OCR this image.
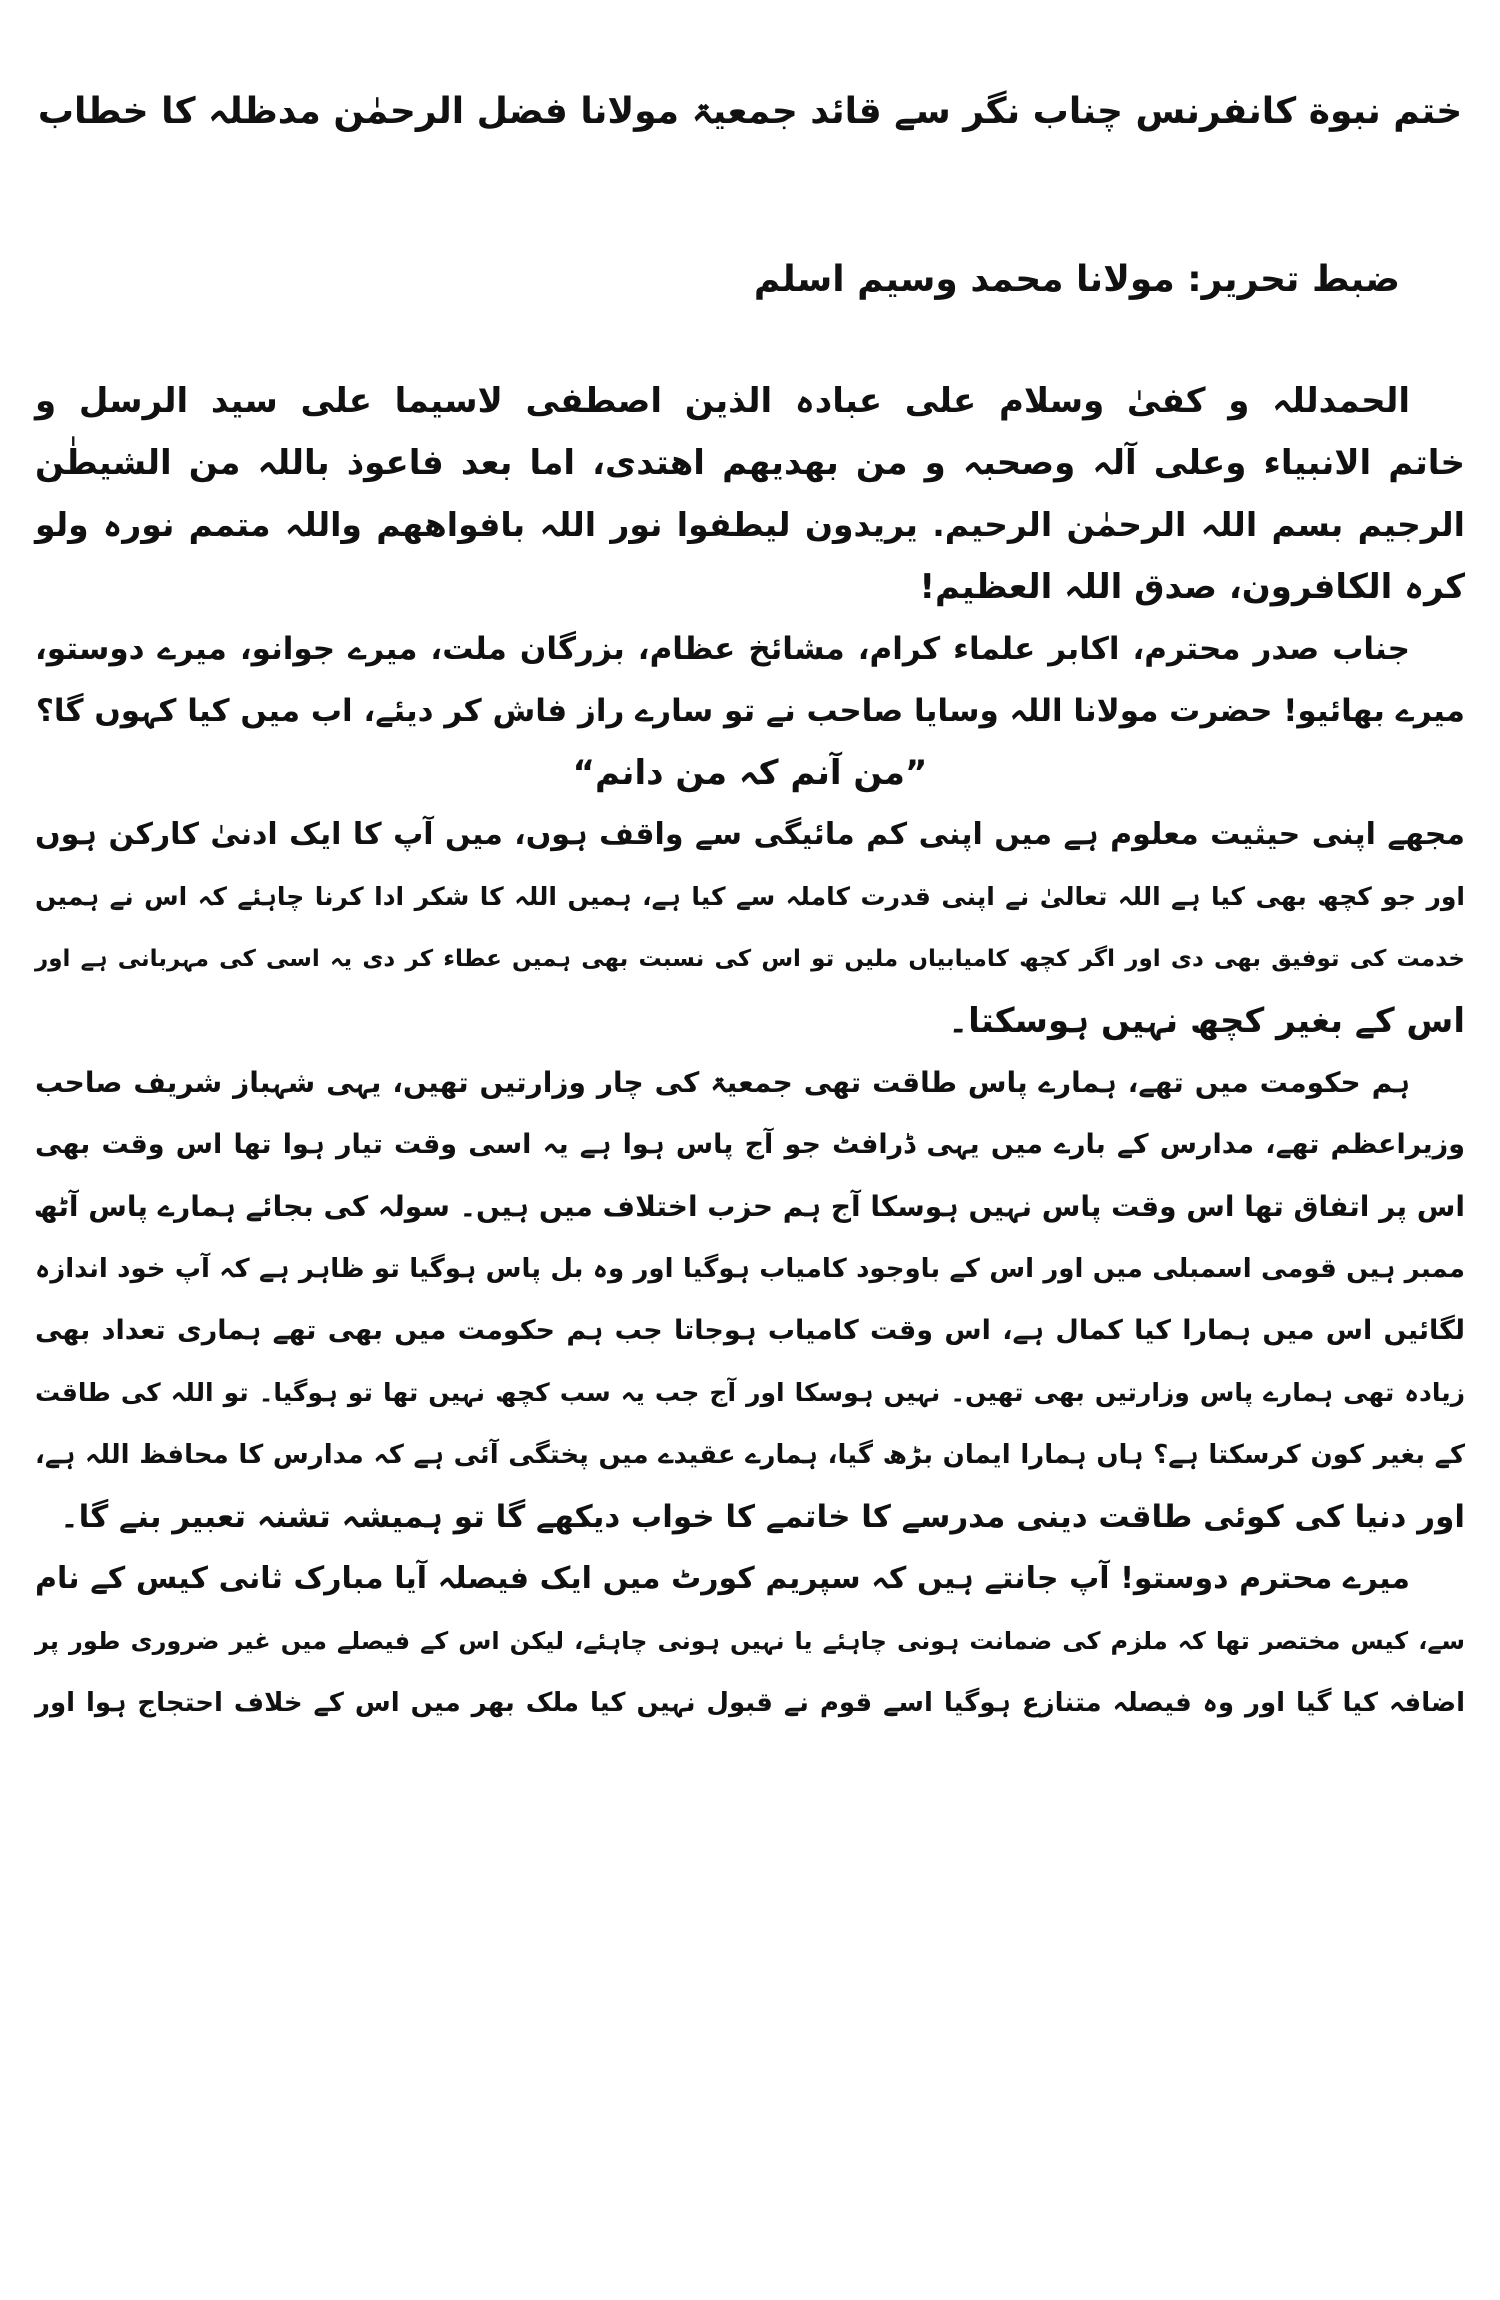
ختم نبوة کانفرنس چناب نگر سے قائد جمعیۃ مولانا فضل الرحمٰن مدظلہ کا خطاب
ضبط تحریر: مولانا محمد وسیم اسلم
الحمدللہ و کفیٰ وسلام علی عبادہ الذین اصطفی لاسیما علی سید الرسل و
خاتم الانبیاء وعلی آلہ وصحبہ و من بھدیھم اھتدی، اما بعد فاعوذ باللہ من الشیطٰن
الرجیم بسم اللہ الرحمٰن الرحیم. یریدون لیطفوا نور اللہ بافواھھم واللہ متمم نورہ ولو
کرہ الکافرون، صدق اللہ العظیم!
جناب صدر محترم، اکابر علماء کرام، مشائخ عظام، بزرگان ملت، میرے جوانو، میرے دوستو،
میرے بھائیو! حضرت مولانا اللہ وسایا صاحب نے تو سارے راز فاش کر دیئے، اب میں کیا کہوں گا؟
”من آنم کہ من دانم“
مجھے اپنی حیثیت معلوم ہے میں اپنی کم مائیگی سے واقف ہوں، میں آپ کا ایک ادنیٰ کارکن ہوں
اور جو کچھ بھی کیا ہے اللہ تعالیٰ نے اپنی قدرت کاملہ سے کیا ہے، ہمیں اللہ کا شکر ادا کرنا چاہئے کہ اس نے ہمیں
خدمت کی توفیق بھی دی اور اگر کچھ کامیابیاں ملیں تو اس کی نسبت بھی ہمیں عطاء کر دی یہ اسی کی مہربانی ہے اور
اس کے بغیر کچھ نہیں ہوسکتا۔
ہم حکومت میں تھے، ہمارے پاس طاقت تھی جمعیۃ کی چار وزارتیں تھیں، یہی شہباز شریف صاحب
وزیراعظم تھے، مدارس کے بارے میں یہی ڈرافٹ جو آج پاس ہوا ہے یہ اسی وقت تیار ہوا تھا اس وقت بھی
اس پر اتفاق تھا اس وقت پاس نہیں ہوسکا آج ہم حزب اختلاف میں ہیں۔ سولہ کی بجائے ہمارے پاس آٹھ
ممبر ہیں قومی اسمبلی میں اور اس کے باوجود کامیاب ہوگیا اور وہ بل پاس ہوگیا تو ظاہر ہے کہ آپ خود اندازہ
لگائیں اس میں ہمارا کیا کمال ہے، اس وقت کامیاب ہوجاتا جب ہم حکومت میں بھی تھے ہماری تعداد بھی
زیادہ تھی ہمارے پاس وزارتیں بھی تھیں۔ نہیں ہوسکا اور آج جب یہ سب کچھ نہیں تھا تو ہوگیا۔ تو اللہ کی طاقت
کے بغیر کون کرسکتا ہے؟ ہاں ہمارا ایمان بڑھ گیا، ہمارے عقیدے میں پختگی آئی ہے کہ مدارس کا محافظ اللہ ہے،
اور دنیا کی کوئی طاقت دینی مدرسے کا خاتمے کا خواب دیکھے گا تو ہمیشہ تشنہ تعبیر بنے گا۔
میرے محترم دوستو! آپ جانتے ہیں کہ سپریم کورٹ میں ایک فیصلہ آیا مبارک ثانی کیس کے نام
سے، کیس مختصر تھا کہ ملزم کی ضمانت ہونی چاہئے یا نہیں ہونی چاہئے، لیکن اس کے فیصلے میں غیر ضروری طور پر
اضافہ کیا گیا اور وہ فیصلہ متنازع ہوگیا اسے قوم نے قبول نہیں کیا ملک بھر میں اس کے خلاف احتجاج ہوا اور
